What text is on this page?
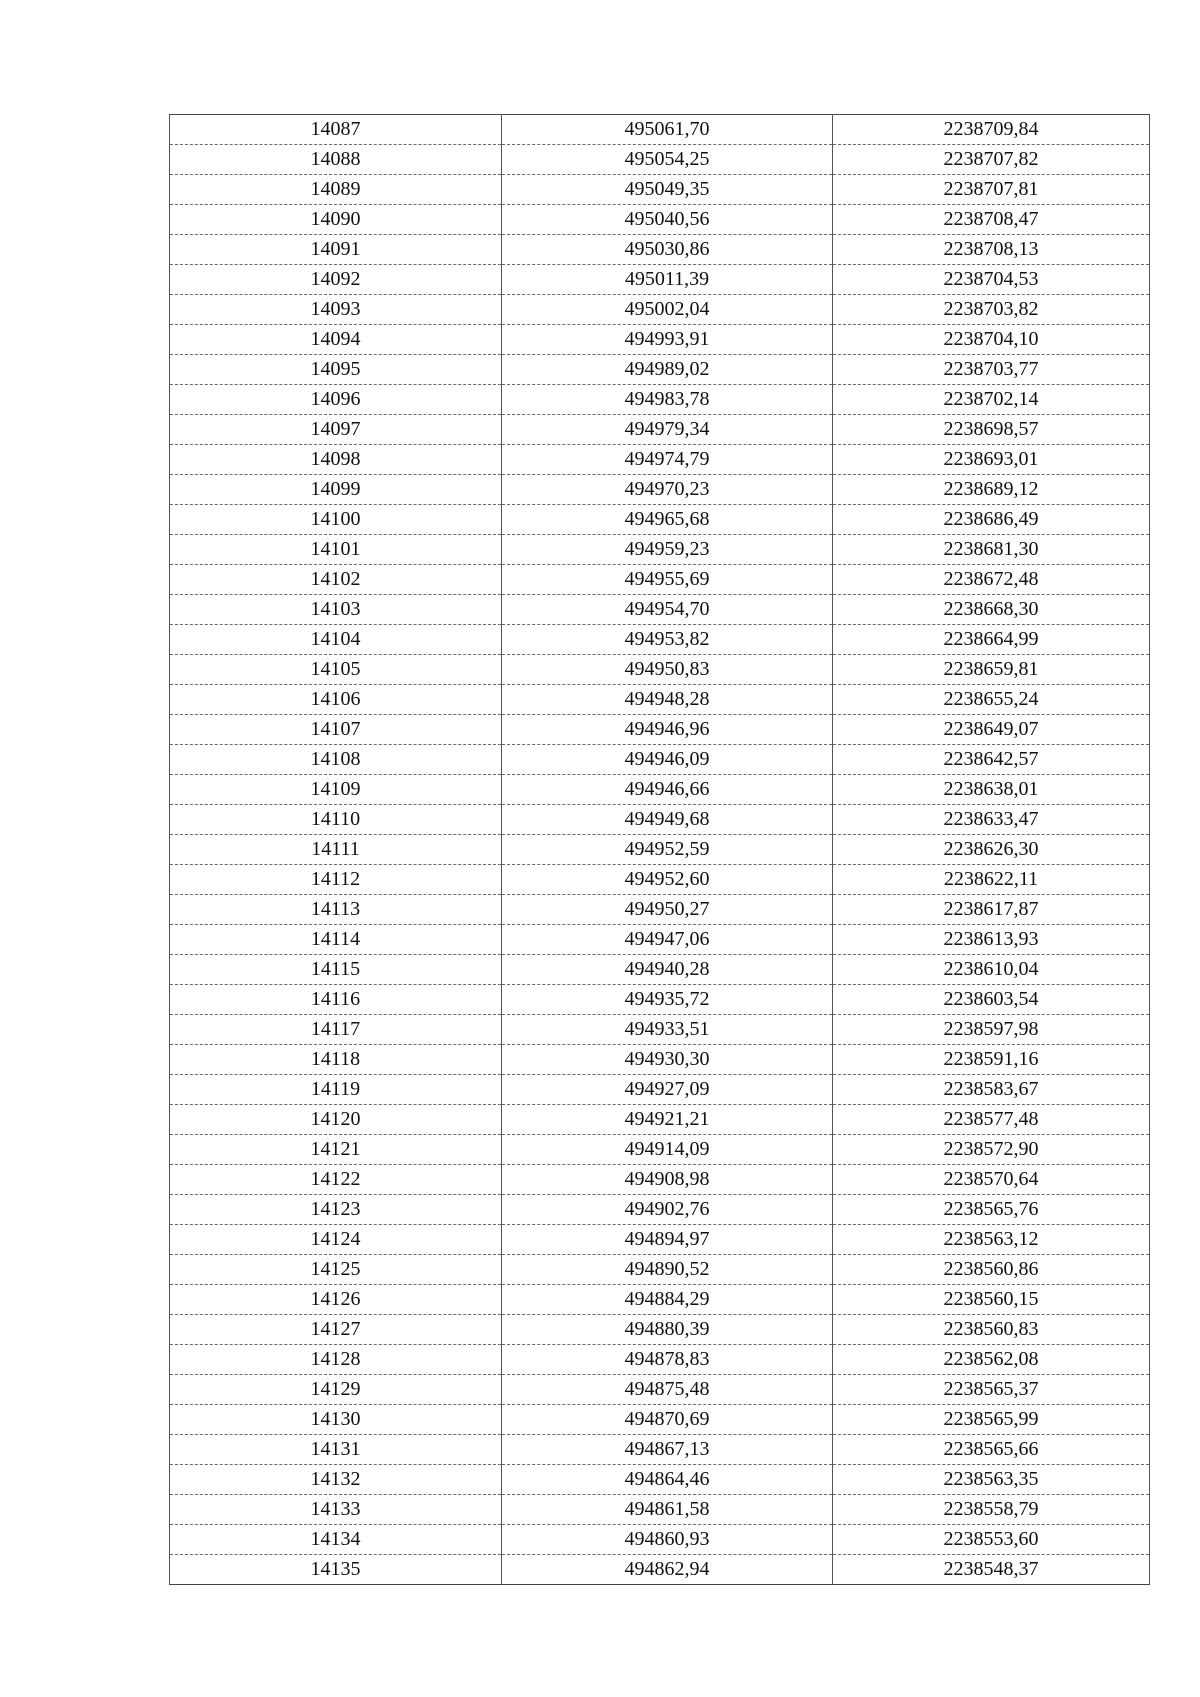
14087	495061,70	2238709,84
14088	495054,25	2238707,82
14089	495049,35	2238707,81
14090	495040,56	2238708,47
14091	495030,86	2238708,13
14092	495011,39	2238704,53
14093	495002,04	2238703,82
14094	494993,91	2238704,10
14095	494989,02	2238703,77
14096	494983,78	2238702,14
14097	494979,34	2238698,57
14098	494974,79	2238693,01
14099	494970,23	2238689,12
14100	494965,68	2238686,49
14101	494959,23	2238681,30
14102	494955,69	2238672,48
14103	494954,70	2238668,30
14104	494953,82	2238664,99
14105	494950,83	2238659,81
14106	494948,28	2238655,24
14107	494946,96	2238649,07
14108	494946,09	2238642,57
14109	494946,66	2238638,01
14110	494949,68	2238633,47
14111	494952,59	2238626,30
14112	494952,60	2238622,11
14113	494950,27	2238617,87
14114	494947,06	2238613,93
14115	494940,28	2238610,04
14116	494935,72	2238603,54
14117	494933,51	2238597,98
14118	494930,30	2238591,16
14119	494927,09	2238583,67
14120	494921,21	2238577,48
14121	494914,09	2238572,90
14122	494908,98	2238570,64
14123	494902,76	2238565,76
14124	494894,97	2238563,12
14125	494890,52	2238560,86
14126	494884,29	2238560,15
14127	494880,39	2238560,83
14128	494878,83	2238562,08
14129	494875,48	2238565,37
14130	494870,69	2238565,99
14131	494867,13	2238565,66
14132	494864,46	2238563,35
14133	494861,58	2238558,79
14134	494860,93	2238553,60
14135	494862,94	2238548,37
